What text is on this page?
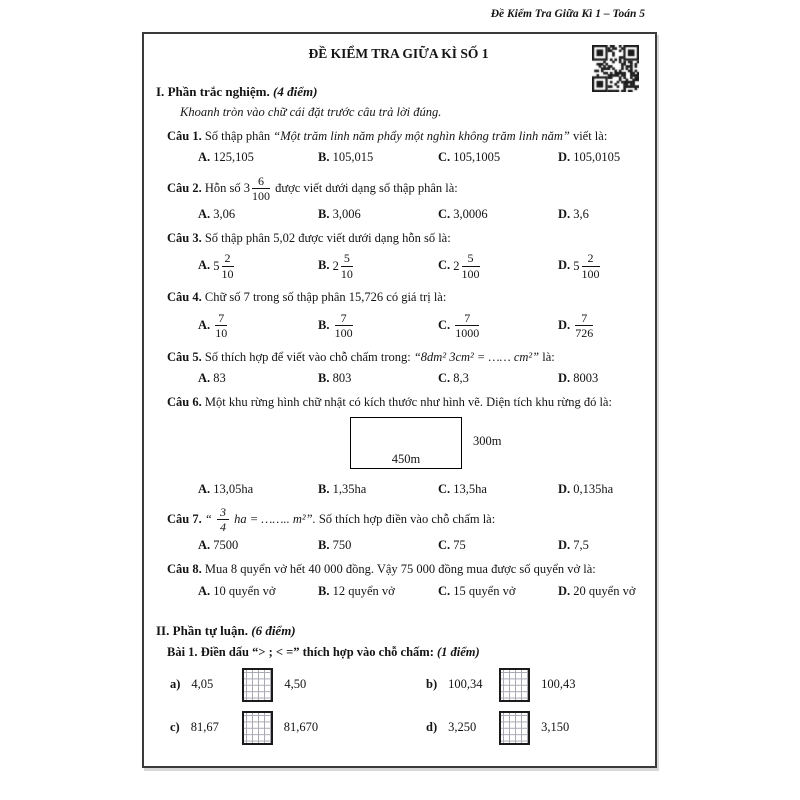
Đề Kiểm Tra Giữa Kì 1 – Toán 5
ĐỀ KIỂM TRA GIỮA KÌ SỐ 1
I. Phần trắc nghiệm. (4 điểm)
Khoanh tròn vào chữ cái đặt trước câu trả lời đúng.
Câu 1. Số thập phân “Một trăm linh năm phẩy một nghìn không trăm linh năm” viết là:
A. 125,105	B. 105,015	C. 105,1005	D. 105,0105
Câu 2. Hỗn số $3 \frac{6}{100}$ được viết dưới dạng số thập phân là:
A. 3,06	B. 3,006	C. 3,0006	D. 3,6
Câu 3. Số thập phân 5,02 được viết dưới dạng hỗn số là:
A. $5 \frac{2}{10}$	B. $2 \frac{5}{10}$	C. $2 \frac{5}{100}$	D. $5 \frac{2}{100}$
Câu 4. Chữ số 7 trong số thập phân 15,726 có giá trị là:
A. $\frac{7}{10}$	B. $\frac{7}{100}$	C. $\frac{7}{1000}$	D. $\frac{7}{726}$
Câu 5. Số thích hợp để viết vào chỗ chấm trong: “8dm² 3cm² = …… cm²” là:
A. 83	B. 803	C. 8,3	D. 8003
Câu 6. Một khu rừng hình chữ nhật có kích thước như hình vẽ. Diện tích khu rừng đó là:
450m
300m
A. 13,05ha	B. 1,35ha	C. 13,5ha	D. 0,135ha
Câu 7. “ $\frac{3}{4}$ ha = …….. m²”. Số thích hợp điền vào chỗ chấm là:
A. 7500	B. 750	C. 75	D. 7,5
Câu 8. Mua 8 quyển vở hết 40 000 đồng. Vậy 75 000 đồng mua được số quyển vở là:
A. 10 quyển vở	B. 12 quyển vở	C. 15 quyển vở	D. 20 quyển vở
II. Phần tự luận. (6 điểm)
Bài 1. Điền dấu “> ; < =” thích hợp vào chỗ chấm: (1 điểm)
a) 4,05	4,50	b) 100,34	100,43
c) 81,67	81,670	d) 3,250	3,150
